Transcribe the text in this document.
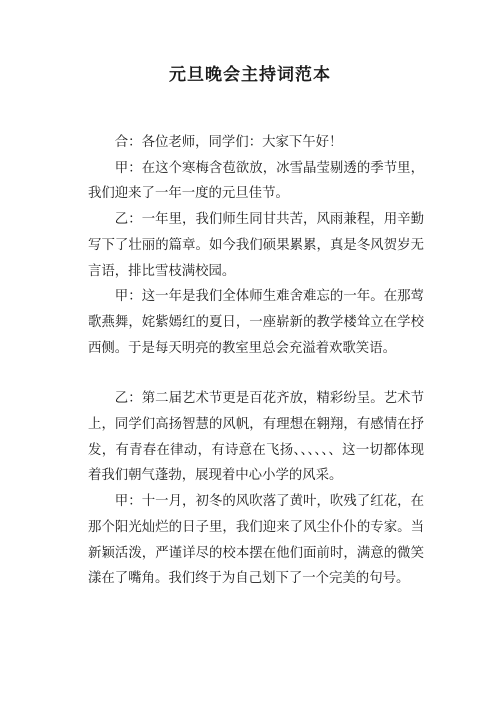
元旦晚会主持词范本

合：各位老师，同学们：大家下午好！

甲：在这个寒梅含苞欲放，冰雪晶莹剔透的季节里，我们迎来了一年一度的元旦佳节。

乙：一年里，我们师生同甘共苦，风雨兼程，用辛勤写下了壮丽的篇章。如今我们硕果累累，真是冬风贺岁无言语，排比雪枝满校园。

甲：这一年是我们全体师生难舍难忘的一年。在那莺歌燕舞，姹紫嫣红的夏日，一座崭新的教学楼耸立在学校西侧。于是每天明亮的教室里总会充溢着欢歌笑语。

乙：第二届艺术节更是百花齐放，精彩纷呈。艺术节上，同学们高扬智慧的风帆，有理想在翱翔，有感情在抒发，有青春在律动，有诗意在飞扬、、、、、、这一切都体现着我们朝气蓬勃，展现着中心小学的风采。

甲：十一月，初冬的风吹落了黄叶，吹残了红花，在那个阳光灿烂的日子里，我们迎来了风尘仆仆的专家。当新颖活泼，严谨详尽的校本摆在他们面前时，满意的微笑漾在了嘴角。我们终于为自己划下了一个完美的句号。
